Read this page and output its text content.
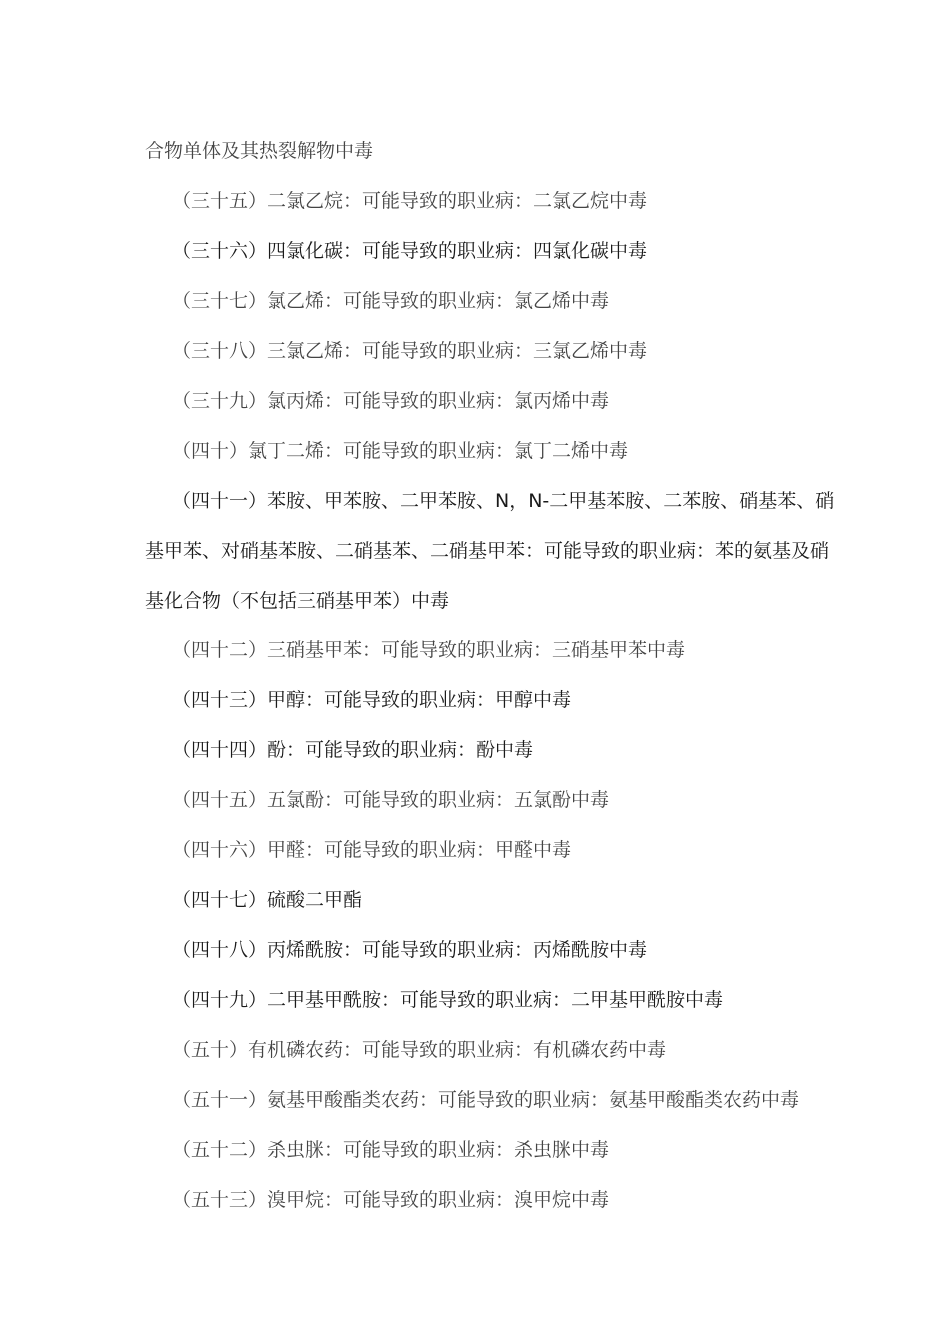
合物单体及其热裂解物中毒

（三十五）二氯乙烷：可能导致的职业病：二氯乙烷中毒

（三十六）四氯化碳：可能导致的职业病：四氯化碳中毒

（三十七）氯乙烯：可能导致的职业病：氯乙烯中毒

（三十八）三氯乙烯：可能导致的职业病：三氯乙烯中毒

（三十九）氯丙烯：可能导致的职业病：氯丙烯中毒

（四十）氯丁二烯：可能导致的职业病：氯丁二烯中毒

（四十一）苯胺、甲苯胺、二甲苯胺、N，N-二甲基苯胺、二苯胺、硝基苯、硝基甲苯、对硝基苯胺、二硝基苯、二硝基甲苯：可能导致的职业病：苯的氨基及硝基化合物（不包括三硝基甲苯）中毒

（四十二）三硝基甲苯：可能导致的职业病：三硝基甲苯中毒

（四十三）甲醇：可能导致的职业病：甲醇中毒

（四十四）酚：可能导致的职业病：酚中毒

（四十五）五氯酚：可能导致的职业病：五氯酚中毒

（四十六）甲醛：可能导致的职业病：甲醛中毒

（四十七）硫酸二甲酯

（四十八）丙烯酰胺：可能导致的职业病：丙烯酰胺中毒

（四十九）二甲基甲酰胺：可能导致的职业病：二甲基甲酰胺中毒

（五十）有机磷农药：可能导致的职业病：有机磷农药中毒

（五十一）氨基甲酸酯类农药：可能导致的职业病：氨基甲酸酯类农药中毒

（五十二）杀虫脒：可能导致的职业病：杀虫脒中毒

（五十三）溴甲烷：可能导致的职业病：溴甲烷中毒
